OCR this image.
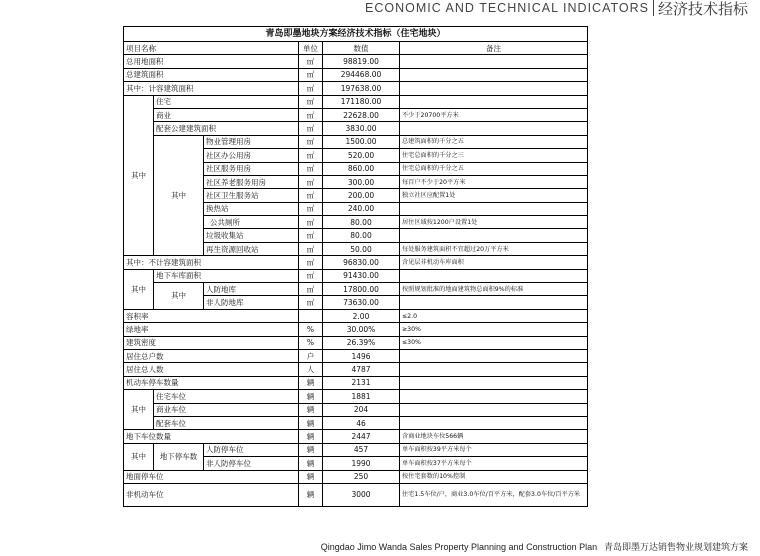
ECONOMIC AND TECHNICAL INDICATORS 经济技术指标
青岛即墨地块方案经济技术指标（住宅地块）					
项目名称			单位	数值	备注
总用地面积			㎡	98819.00	
总建筑面积			㎡	294468.00	
其中：计容建筑面积			㎡	197638.00	
其中	住宅		㎡	171180.00	
	商业		㎡	22628.00	不少于20700平方米
	配套公建建筑面积		㎡	3830.00	
	其中	物业管理用房	㎡	1500.00	总建筑面积的千分之五
		社区办公用房	㎡	520.00	住宅总面积的千分之三
		社区服务用房	㎡	860.00	住宅总面积的千分之五
		社区养老服务用房	㎡	300.00	每百户不少于20平方米
		社区卫生服务站	㎡	200.00	独立社区应配置1处
		换热站	㎡	240.00	
		公共厕所	㎡	80.00	居住区域按1200户设置1处
		垃圾收集站	㎡	80.00	
		再生资源回收站	㎡	50.00	每处服务建筑面积不宜超过20万平方米
其中：不计容建筑面积			㎡	96830.00	含见层非机动车库面积
其中	地下车库面积		㎡	91430.00	
	其中	人防地库	㎡	17800.00	按照规划批准的地面建筑物总面积9%的标准
		非人防地库	㎡	73630.00	
容积率				2.00	≤2.0
绿地率			%	30.00%	≥30%
建筑密度			%	26.39%	≤30%
居住总户数			户	1496	
居住总人数			人	4787	
机动车停车数量			辆	2131	
其中	住宅车位		辆	1881	
	商业车位		辆	204	
	配套车位		辆	46	
地下车位数量			辆	2447	含商业地块车位566辆
其中	地下停车数	人防停车位	辆	457	单车面积按39平方米每个
		非人防停车位	辆	1990	单车面积按37平方米每个
地面停车位			辆	250	按住宅套数的10%控制
非机动车位			辆	3000	住宅1.5车位/户，商业3.0车位/百平方米，配套3.0车位/百平方米
Qingdao Jimo Wanda Sales Property Planning and Construction Plan 青岛即墨万达销售物业规划建筑方案
